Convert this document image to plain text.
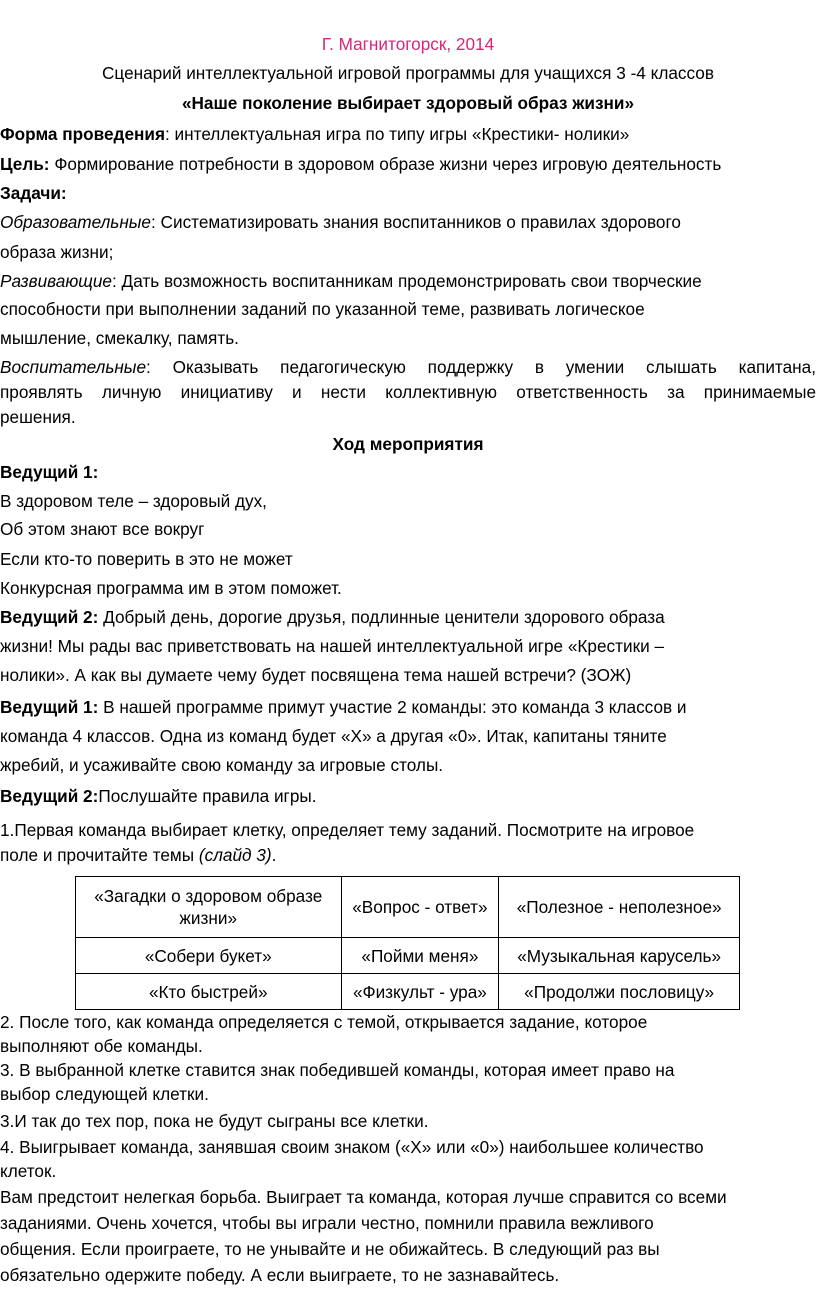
Г. Магнитогорск, 2014
Сценарий интеллектуальной игровой программы для учащихся 3 -4 классов
«Наше поколение выбирает здоровый образ жизни»
Форма проведения: интеллектуальная игра по типу игры «Крестики- нолики»
Цель: Формирование потребности в здоровом образе жизни через игровую деятельность
Задачи:
Образовательные: Систематизировать знания воспитанников о правилах здорового
образа жизни;
Развивающие: Дать возможность воспитанникам продемонстрировать свои творческие
способности при выполнении заданий по указанной теме, развивать логическое
мышление, смекалку, память.
Воспитательные: Оказывать педагогическую поддержку в умении слышать капитана,
проявлять личную инициативу и нести коллективную ответственность за принимаемые
решения.
Ход мероприятия
Ведущий 1:
В здоровом теле – здоровый дух,
Об этом знают все вокруг
Если кто-то поверить в это не может
Конкурсная программа им в этом поможет.
Ведущий 2: Добрый день, дорогие друзья, подлинные ценители здорового образа
жизни! Мы рады вас приветствовать на нашей интеллектуальной игре «Крестики –
нолики». А как вы думаете чему будет посвящена тема нашей встречи? (ЗОЖ)
Ведущий 1: В нашей программе примут участие 2 команды: это команда 3 классов и
команда 4 классов. Одна из команд будет «Х» а другая «0». Итак, капитаны тяните
жребий, и усаживайте свою команду за игровые столы.
Ведущий 2:Послушайте правила игры.
1.Первая команда выбирает клетку, определяет тему заданий. Посмотрите на игровое
поле и прочитайте темы (слайд 3).
«Загадки о здоровом образе жизни»	«Вопрос - ответ»	«Полезное - неполезное»
«Собери букет»	«Пойми меня»	«Музыкальная карусель»
«Кто быстрей»	«Физкульт - ура»	«Продолжи пословицу»
2. После того, как команда определяется с темой, открывается задание, которое
выполняют обе команды.
3. В выбранной клетке ставится знак победившей команды, которая имеет право на
выбор следующей клетки.
3.И так до тех пор, пока не будут сыграны все клетки.
4. Выигрывает команда, занявшая своим знаком («Х» или «0») наибольшее количество
клеток.
Вам предстоит нелегкая борьба. Выиграет та команда, которая лучше справится со всеми
заданиями. Очень хочется, чтобы вы играли честно, помнили правила вежливого
общения. Если проиграете, то не унывайте и не обижайтесь. В следующий раз вы
обязательно одержите победу. А если выиграете, то не зазнавайтесь.
